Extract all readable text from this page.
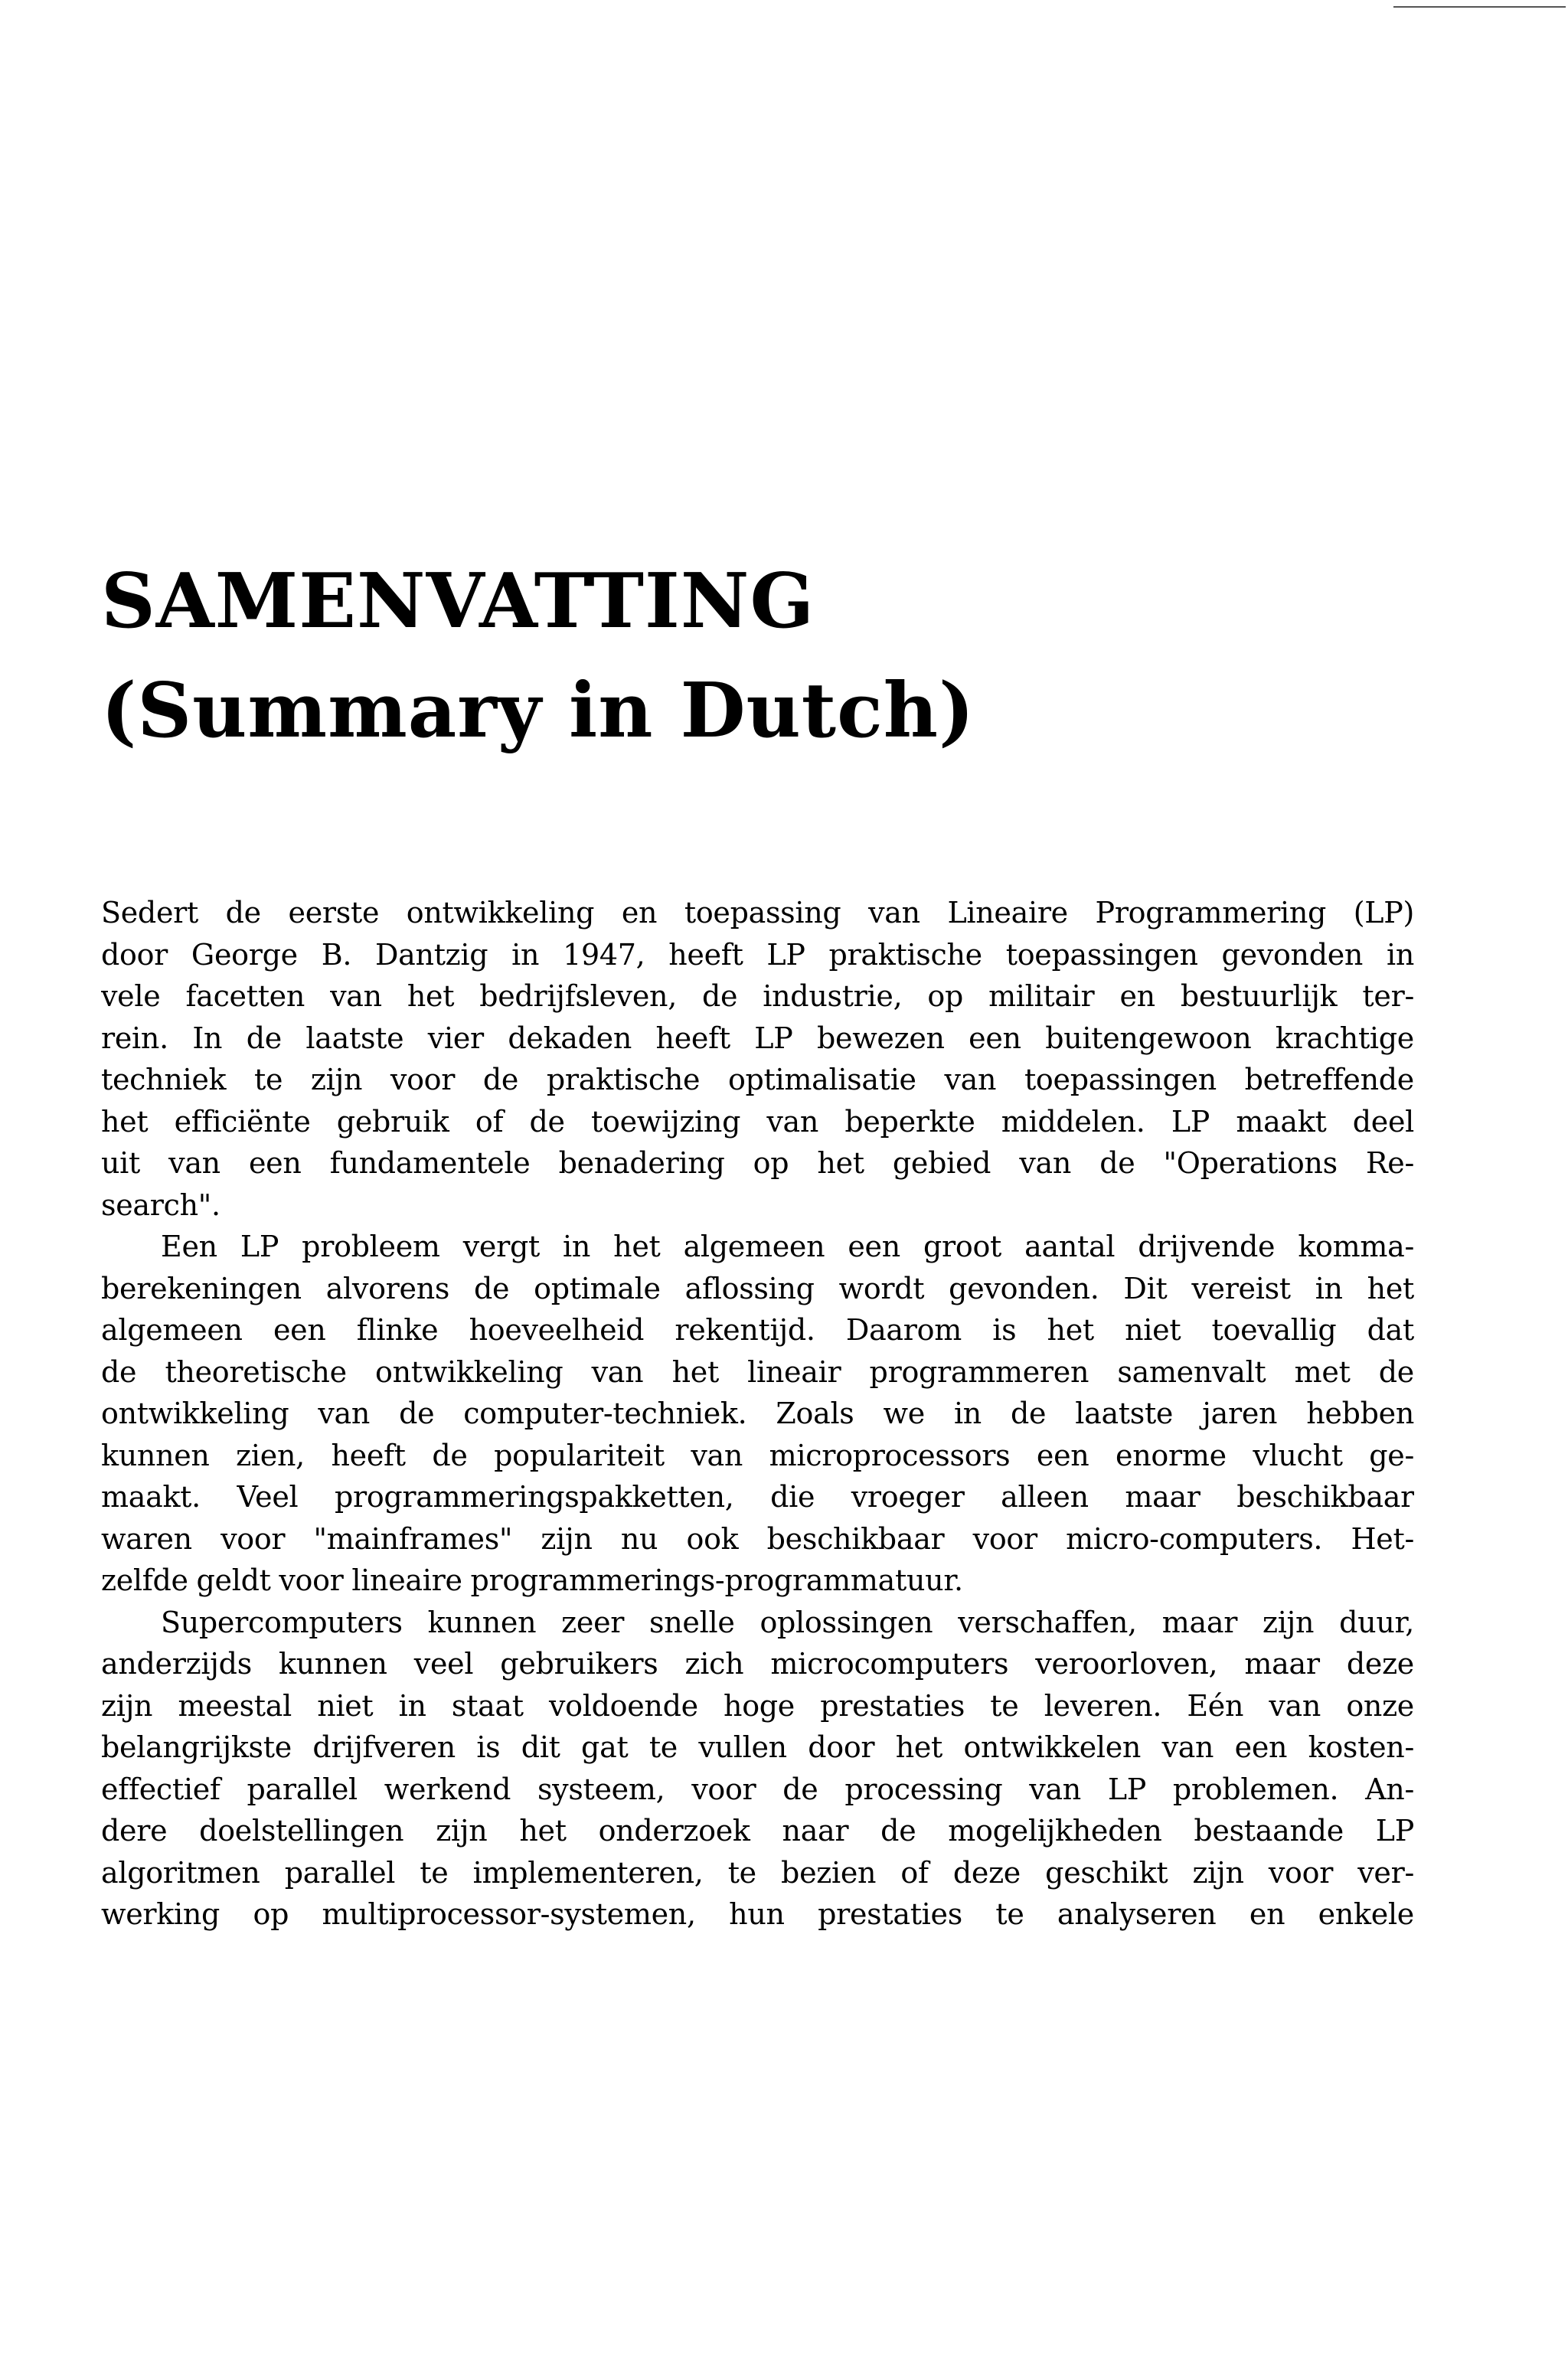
SAMENVATTING
(Summary in Dutch)
Sedert de eerste ontwikkeling en toepassing van Lineaire Programmering (LP)
door George B. Dantzig in 1947, heeft LP praktische toepassingen gevonden in
vele facetten van het bedrijfsleven, de industrie, op militair en bestuurlijk ter-
rein. In de laatste vier dekaden heeft LP bewezen een buitengewoon krachtige
techniek te zijn voor de praktische optimalisatie van toepassingen betreffende
het efficiënte gebruik of de toewijzing van beperkte middelen. LP maakt deel
uit van een fundamentele benadering op het gebied van de "Operations Re-
search".
Een LP probleem vergt in het algemeen een groot aantal drijvende komma-
berekeningen alvorens de optimale aflossing wordt gevonden. Dit vereist in het
algemeen een flinke hoeveelheid rekentijd. Daarom is het niet toevallig dat
de theoretische ontwikkeling van het lineair programmeren samenvalt met de
ontwikkeling van de computer-techniek. Zoals we in de laatste jaren hebben
kunnen zien, heeft de populariteit van microprocessors een enorme vlucht ge-
maakt. Veel programmeringspakketten, die vroeger alleen maar beschikbaar
waren voor "mainframes" zijn nu ook beschikbaar voor micro-computers. Het-
zelfde geldt voor lineaire programmerings-programmatuur.
Supercomputers kunnen zeer snelle oplossingen verschaffen, maar zijn duur,
anderzijds kunnen veel gebruikers zich microcomputers veroorloven, maar deze
zijn meestal niet in staat voldoende hoge prestaties te leveren. Eén van onze
belangrijkste drijfveren is dit gat te vullen door het ontwikkelen van een kosten-
effectief parallel werkend systeem, voor de processing van LP problemen. An-
dere doelstellingen zijn het onderzoek naar de mogelijkheden bestaande LP
algoritmen parallel te implementeren, te bezien of deze geschikt zijn voor ver-
werking op multiprocessor-systemen, hun prestaties te analyseren en enkele
